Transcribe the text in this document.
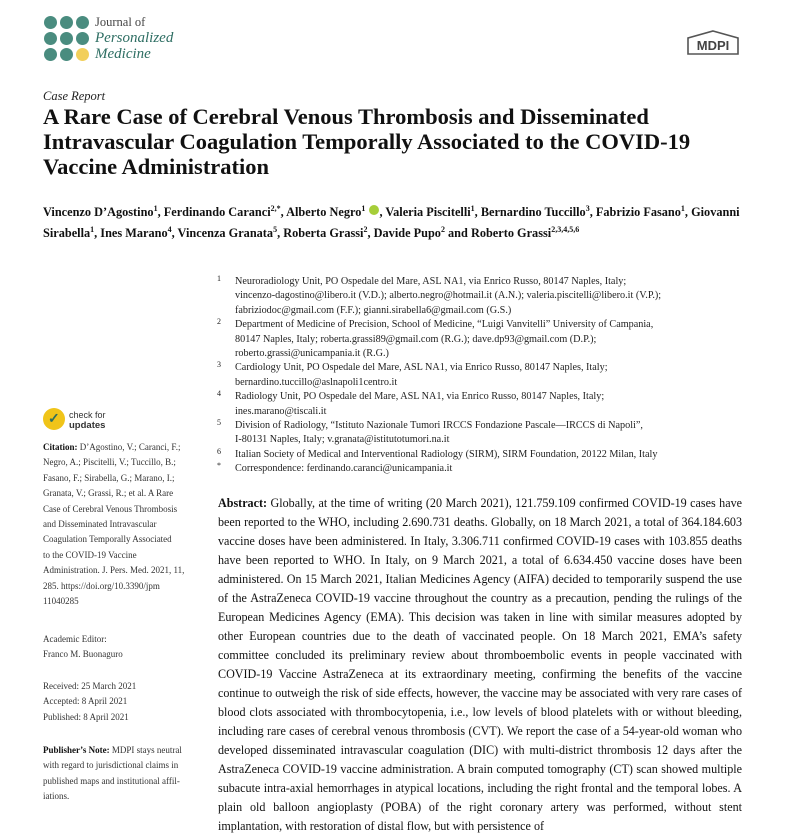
Journal of
Personalized
Medicine
MDPI
Case Report
A Rare Case of Cerebral Venous Thrombosis and Disseminated Intravascular Coagulation Temporally Associated to the COVID-19 Vaccine Administration
Vincenzo D’Agostino$^1$, Ferdinando Caranci$^{2,*}$, Alberto Negro$^1$ , Valeria Piscitelli$^1$, Bernardino Tuccillo$^3$, Fabrizio Fasano$^1$, Giovanni Sirabella$^1$, Ines Marano$^4$, Vincenza Granata$^5$, Roberta Grassi$^2$, Davide Pupo$^2$ and Roberto Grassi$^{2,3,4,5,6}$
1 Neuroradiology Unit, PO Ospedale del Mare, ASL NA1, via Enrico Russo, 80147 Naples, Italy;
vincenzo-dagostino@libero.it (V.D.); alberto.negro@hotmail.it (A.N.); valeria.piscitelli@libero.it (V.P.);
fabriziodoc@gmail.com (F.F.); gianni.sirabella6@gmail.com (G.S.)
2 Department of Medicine of Precision, School of Medicine, “Luigi Vanvitelli” University of Campania,
80147 Naples, Italy; roberta.grassi89@gmail.com (R.G.); dave.dp93@gmail.com (D.P.);
roberto.grassi@unicampania.it (R.G.)
3 Cardiology Unit, PO Ospedale del Mare, ASL NA1, via Enrico Russo, 80147 Naples, Italy;
bernardino.tuccillo@aslnapoli1centro.it
4 Radiology Unit, PO Ospedale del Mare, ASL NA1, via Enrico Russo, 80147 Naples, Italy;
ines.marano@tiscali.it
5 Division of Radiology, “Istituto Nazionale Tumori IRCCS Fondazione Pascale—IRCCS di Napoli”,
I-80131 Naples, Italy; v.granata@istitutotumori.na.it
6 Italian Society of Medical and Interventional Radiology (SIRM), SIRM Foundation, 20122 Milan, Italy
* Correspondence: ferdinando.caranci@unicampania.it
✓ check for
updates
Citation: D’Agostino, V.; Caranci, F.;
Negro, A.; Piscitelli, V.; Tuccillo, B.;
Fasano, F.; Sirabella, G.; Marano, I.;
Granata, V.; Grassi, R.; et al. A Rare
Case of Cerebral Venous Thrombosis
and Disseminated Intravascular
Coagulation Temporally Associated
to the COVID-19 Vaccine
Administration. J. Pers. Med. 2021, 11,
285. https://doi.org/10.3390/jpm
11040285
Academic Editor:
Franco M. Buonaguro
Received: 25 March 2021
Accepted: 8 April 2021
Published: 8 April 2021
Publisher’s Note: MDPI stays neutral
with regard to jurisdictional claims in
published maps and institutional affil-
iations.
Abstract: Globally, at the time of writing (20 March 2021), 121.759.109 confirmed COVID-19 cases have been reported to the WHO, including 2.690.731 deaths. Globally, on 18 March 2021, a total of 364.184.603 vaccine doses have been administered. In Italy, 3.306.711 confirmed COVID-19 cases with 103.855 deaths have been reported to WHO. In Italy, on 9 March 2021, a total of 6.634.450 vaccine doses have been administered. On 15 March 2021, Italian Medicines Agency (AIFA) decided to temporarily suspend the use of the AstraZeneca COVID-19 vaccine throughout the country as a precaution, pending the rulings of the European Medicines Agency (EMA). This decision was taken in line with similar measures adopted by other European countries due to the death of vaccinated people. On 18 March 2021, EMA’s safety committee concluded its preliminary review about thromboembolic events in people vaccinated with COVID-19 Vaccine AstraZeneca at its extraordinary meeting, confirming the benefits of the vaccine continue to outweigh the risk of side effects, however, the vaccine may be associated with very rare cases of blood clots associated with thrombocytopenia, i.e., low levels of blood platelets with or without bleeding, including rare cases of cerebral venous thrombosis (CVT). We report the case of a 54-year-old woman who developed disseminated intravascular coagulation (DIC) with multi-district thrombosis 12 days after the AstraZeneca COVID-19 vaccine administration. A brain computed tomography (CT) scan showed multiple subacute intra-axial hemorrhages in atypical locations, including the right frontal and the temporal lobes. A plain old balloon angioplasty (POBA) of the right coronary artery was performed, without stent implantation, with restoration of distal flow, but with persistence of
